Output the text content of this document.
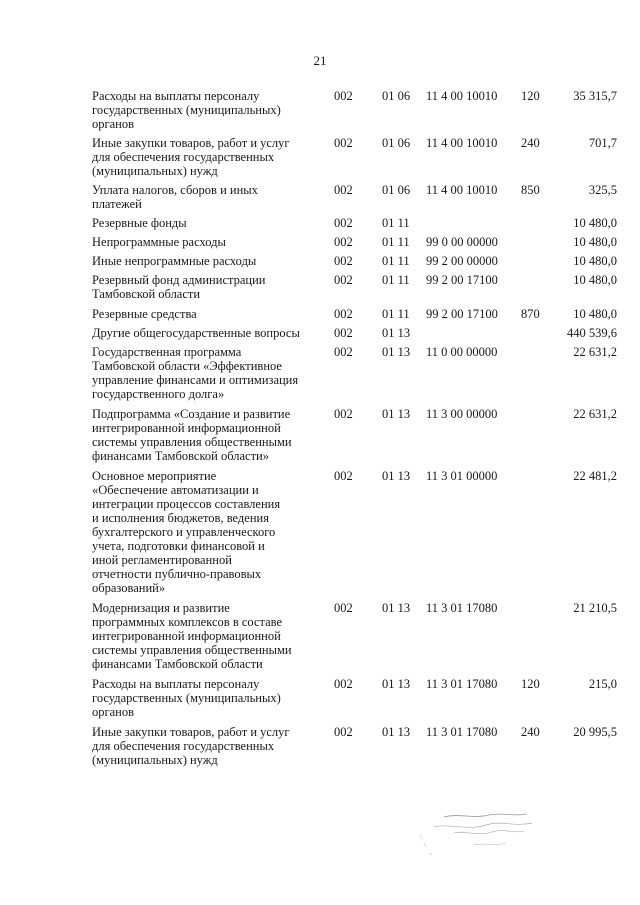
21
Расходы на выплаты персоналу
государственных (муниципальных)
органов
002	01 06	11 4 00 10010	120	35 315,7
Иные закупки товаров, работ и услуг
для обеспечения государственных
(муниципальных) нужд
002	01 06	11 4 00 10010	240	701,7
Уплата налогов, сборов и иных
платежей
002	01 06	11 4 00 10010	850	325,5
Резервные фонды	002	01 11	10 480,0
Непрограммные расходы	002	01 11	99 0 00 00000	10 480,0
Иные непрограммные расходы	002	01 11	99 2 00 00000	10 480,0
Резервный фонд администрации
Тамбовской области
002	01 11	99 2 00 17100	10 480,0
Резервные средства	002	01 11	99 2 00 17100	870	10 480,0
Другие общегосударственные вопросы	002	01 13	440 539,6
Государственная программа
Тамбовской области «Эффективное
управление финансами и оптимизация
государственного долга»
002	01 13	11 0 00 00000	22 631,2
Подпрограмма «Создание и развитие
интегрированной информационной
системы управления общественными
финансами Тамбовской области»
002	01 13	11 3 00 00000	22 631,2
Основное мероприятие
«Обеспечение автоматизации и
интеграции процессов составления
и исполнения бюджетов, ведения
бухгалтерского и управленческого
учета, подготовки финансовой и
иной регламентированной
отчетности публично-правовых
образований»
002	01 13	11 3 01 00000	22 481,2
Модернизация и развитие
программных комплексов в составе
интегрированной информационной
системы управления общественными
финансами Тамбовской области
002	01 13	11 3 01 17080	21 210,5
Расходы на выплаты персоналу
государственных (муниципальных)
органов
002	01 13	11 3 01 17080	120	215,0
Иные закупки товаров, работ и услуг
для обеспечения государственных
(муниципальных) нужд
002	01 13	11 3 01 17080	240	20 995,5
